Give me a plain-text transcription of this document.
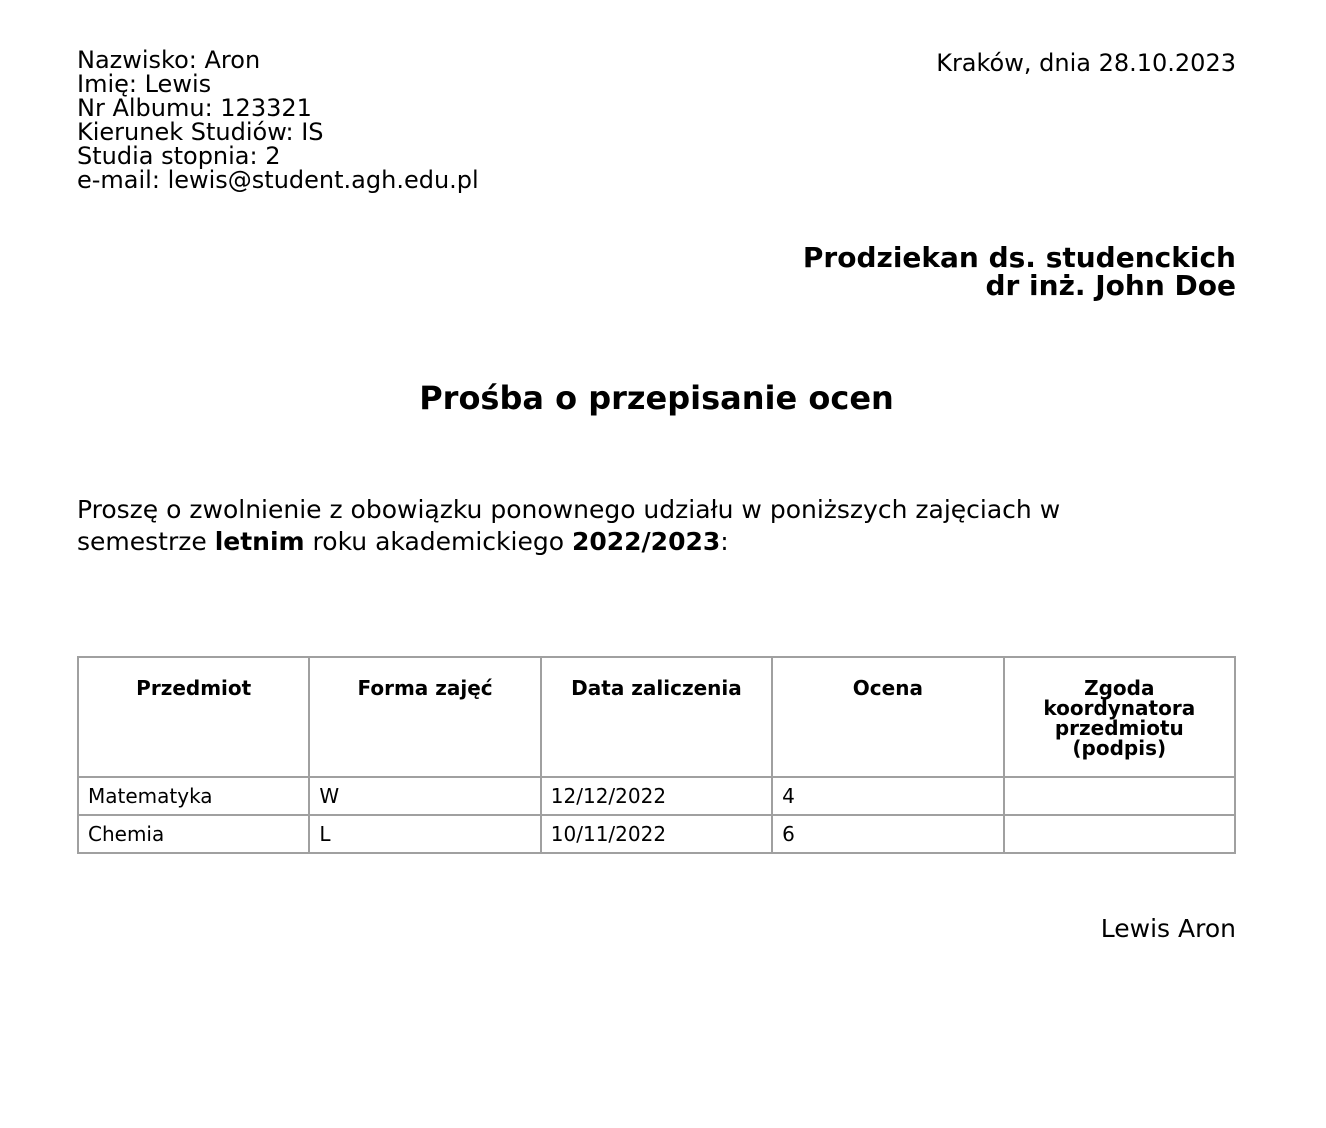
Nazwisko: Aron
Imię: Lewis
Nr Albumu: 123321
Kierunek Studiów: IS
Studia stopnia: 2
e-mail: lewis@student.agh.edu.pl
Kraków, dnia 28.10.2023
Prodziekan ds. studenckich
dr inż. John Doe
Prośba o przepisanie ocen
Proszę o zwolnienie z obowiązku ponownego udziału w poniższych zajęciach w semestrze letnim roku akademickiego 2022/2023:
Przedmiot	Forma zajęć	Data zaliczenia	Ocena	Zgoda koordynatora przedmiotu (podpis)
Matematyka	W	12/12/2022	4	
Chemia	L	10/11/2022	6	
Lewis Aron
